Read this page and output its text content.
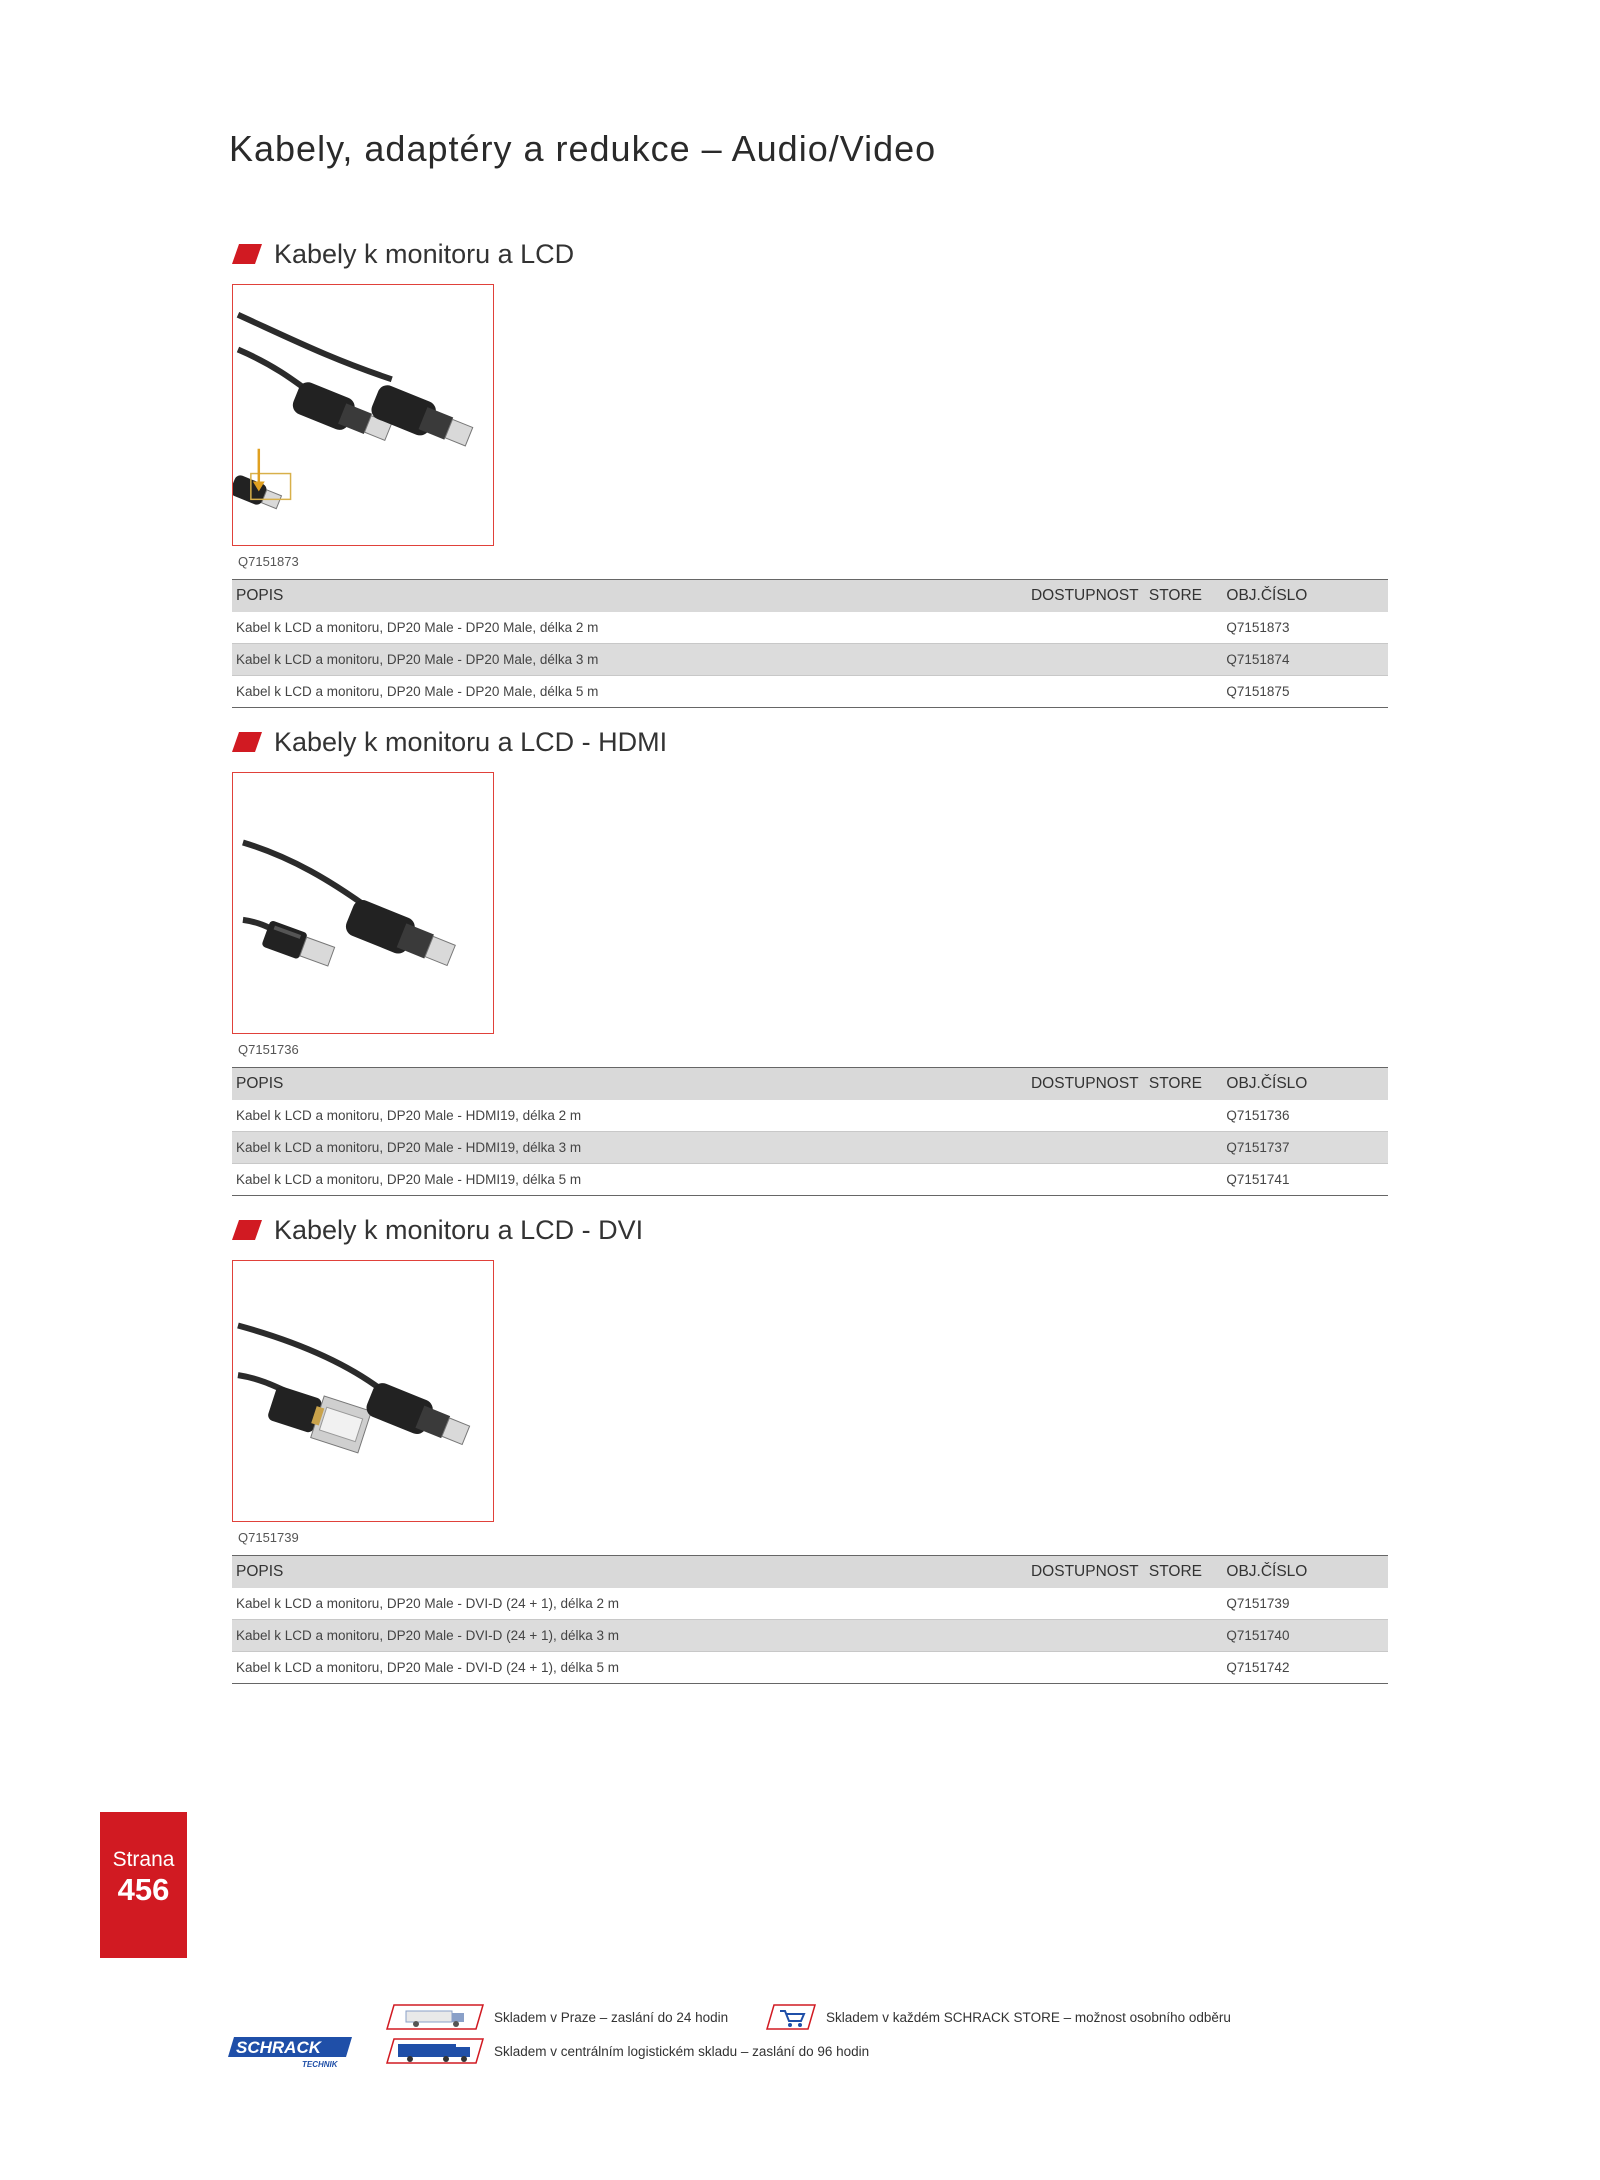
Kabely, adaptéry a redukce – Audio/Video
Kabely k monitoru a LCD
Q7151873
POPIS	DOSTUPNOST	STORE	OBJ.ČÍSLO
Kabel k LCD a monitoru, DP20 Male - DP20 Male, délka 2 m			Q7151873
Kabel k LCD a monitoru, DP20 Male - DP20 Male, délka 3 m			Q7151874
Kabel k LCD a monitoru, DP20 Male - DP20 Male, délka 5 m			Q7151875
Kabely k monitoru a LCD - HDMI
Q7151736
POPIS	DOSTUPNOST	STORE	OBJ.ČÍSLO
Kabel k LCD a monitoru, DP20 Male - HDMI19, délka 2 m			Q7151736
Kabel k LCD a monitoru, DP20 Male - HDMI19, délka 3 m			Q7151737
Kabel k LCD a monitoru, DP20 Male - HDMI19, délka 5 m			Q7151741
Kabely k monitoru a LCD - DVI
Q7151739
POPIS	DOSTUPNOST	STORE	OBJ.ČÍSLO
Kabel k LCD a monitoru, DP20 Male - DVI-D (24 + 1), délka 2 m			Q7151739
Kabel k LCD a monitoru, DP20 Male - DVI-D (24 + 1), délka 3 m			Q7151740
Kabel k LCD a monitoru, DP20 Male - DVI-D (24 + 1), délka 5 m			Q7151742
Strana
456
SCHRACK
TECHNIK
Skladem v Praze – zaslání do 24 hodin	Skladem v každém SCHRACK STORE – možnost osobního odběru
Skladem v centrálním logistickém skladu – zaslání do 96 hodin
